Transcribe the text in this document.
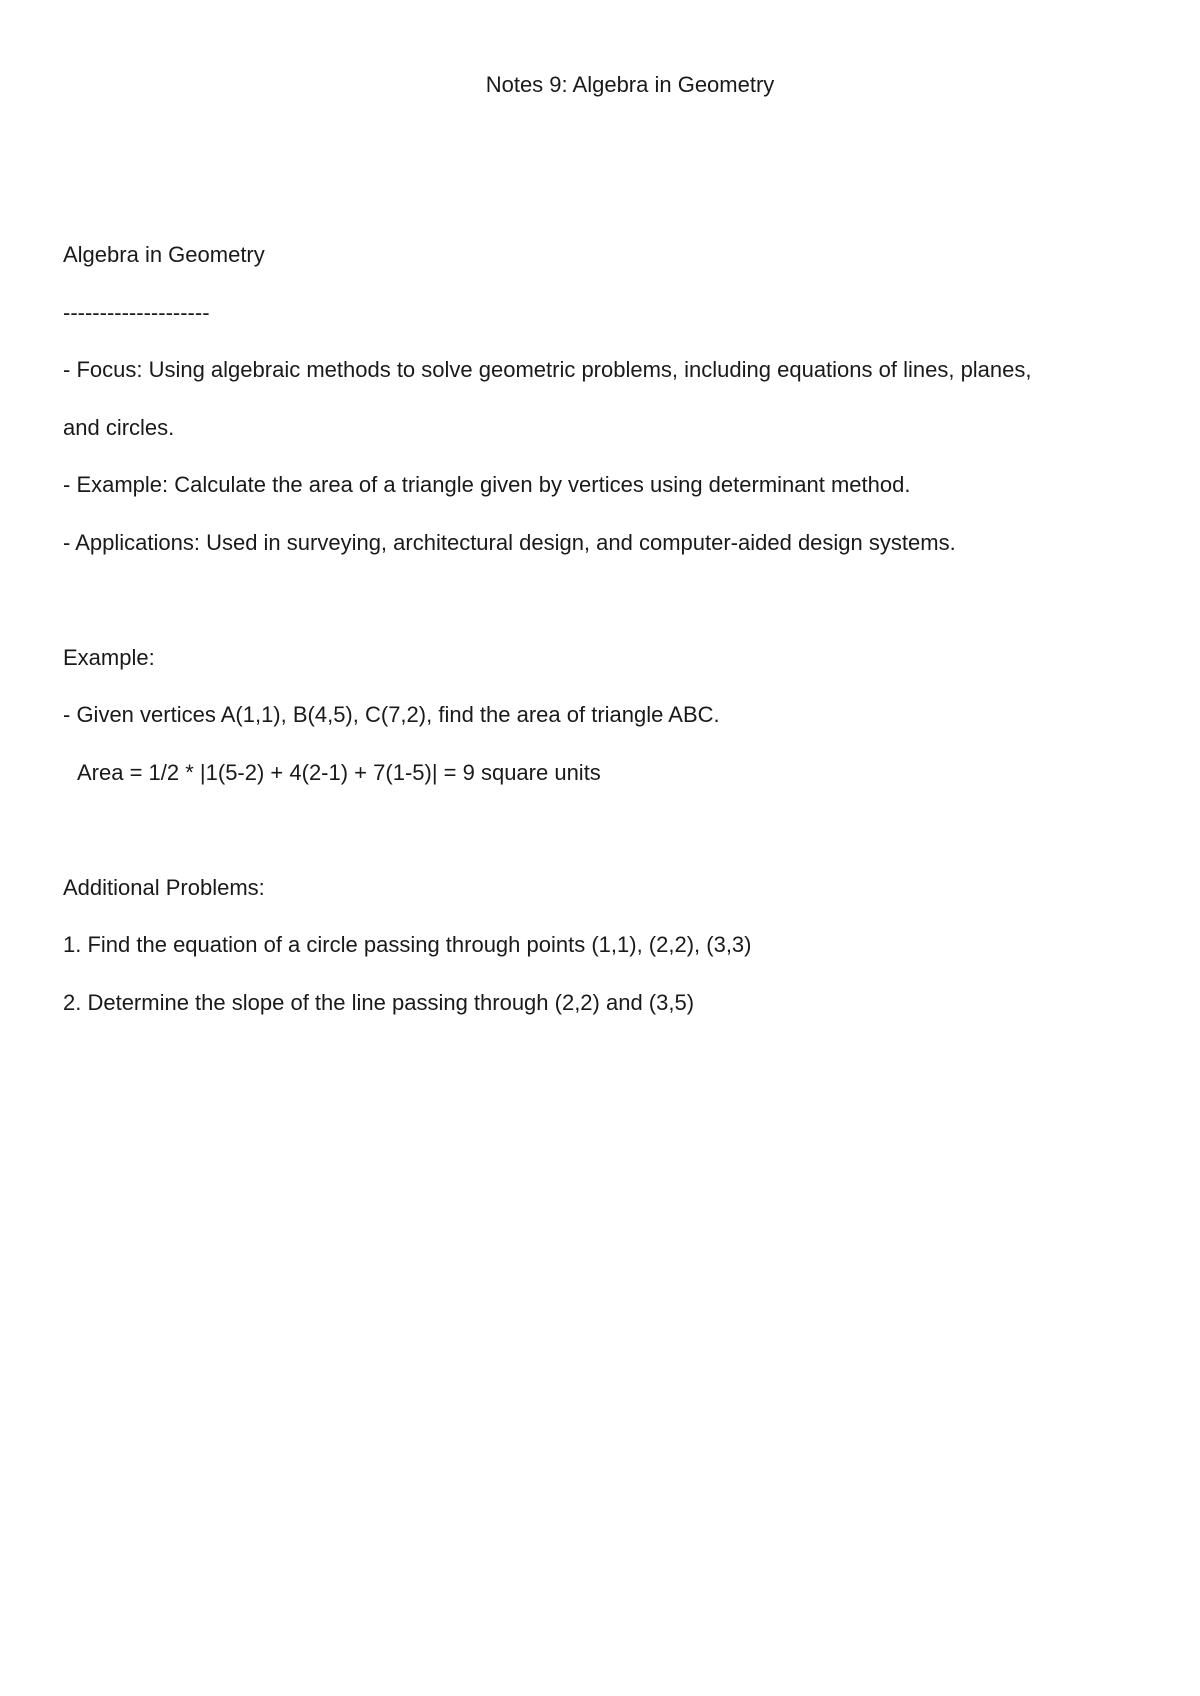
Notes 9: Algebra in Geometry
Algebra in Geometry
--------------------
- Focus: Using algebraic methods to solve geometric problems, including equations of lines, planes,
and circles.
- Example: Calculate the area of a triangle given by vertices using determinant method.
- Applications: Used in surveying, architectural design, and computer-aided design systems.
Example:
- Given vertices A(1,1), B(4,5), C(7,2), find the area of triangle ABC.
Area = 1/2 * |1(5-2) + 4(2-1) + 7(1-5)| = 9 square units
Additional Problems:
1. Find the equation of a circle passing through points (1,1), (2,2), (3,3)
2. Determine the slope of the line passing through (2,2) and (3,5)
